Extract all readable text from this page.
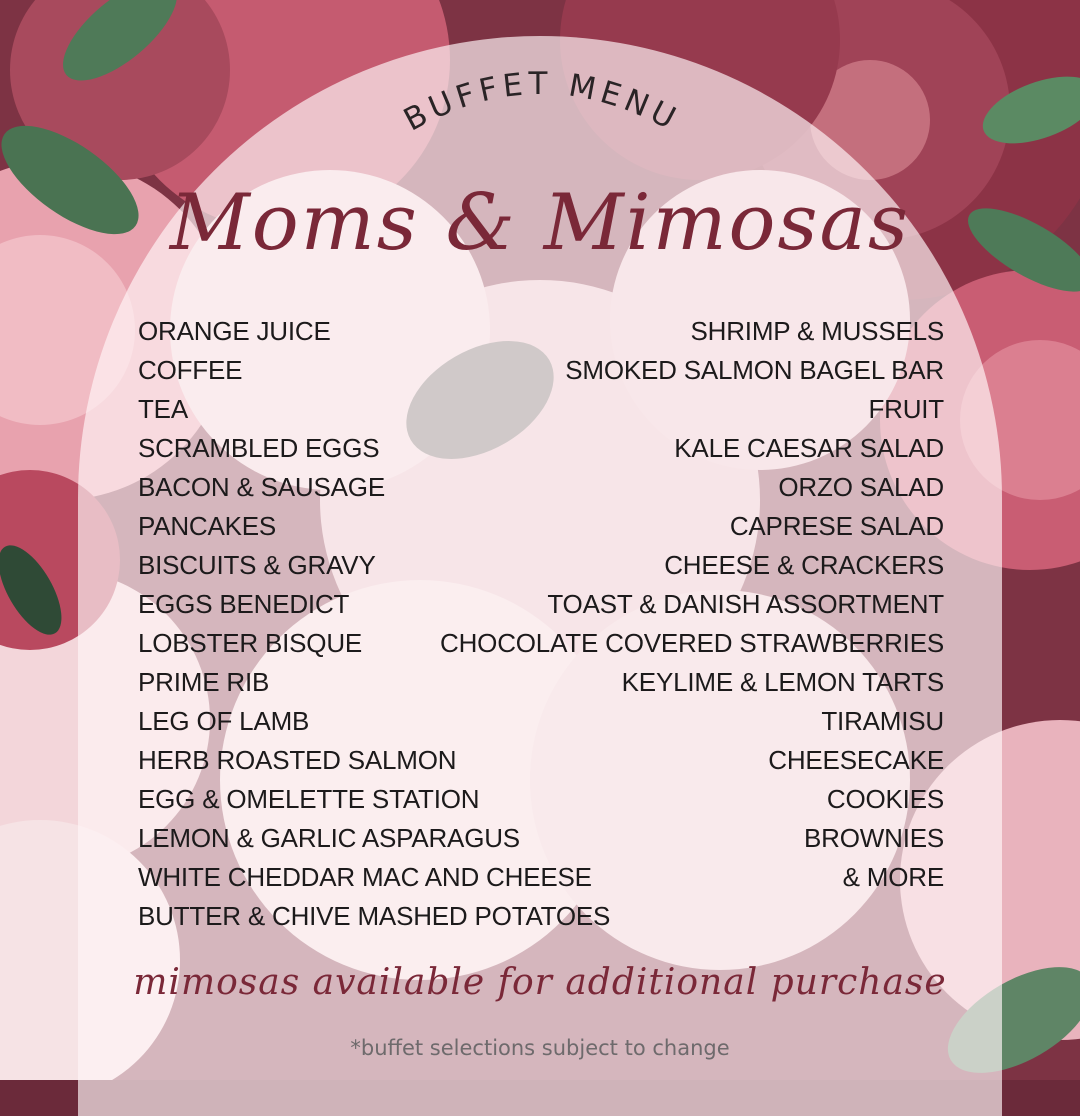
BUFFET MENU
Moms & Mimosas
ORANGE JUICE
COFFEE
TEA
SCRAMBLED EGGS
BACON & SAUSAGE
PANCAKES
BISCUITS & GRAVY
EGGS BENEDICT
LOBSTER BISQUE
PRIME RIB
LEG OF LAMB
HERB ROASTED SALMON
EGG & OMELETTE STATION
LEMON & GARLIC ASPARAGUS
WHITE CHEDDAR MAC AND CHEESE
BUTTER & CHIVE MASHED POTATOES
SHRIMP & MUSSELS
SMOKED SALMON BAGEL BAR
FRUIT
KALE CAESAR SALAD
ORZO SALAD
CAPRESE SALAD
CHEESE & CRACKERS
TOAST & DANISH ASSORTMENT
CHOCOLATE COVERED STRAWBERRIES
KEYLIME & LEMON TARTS
TIRAMISU
CHEESECAKE
COOKIES
BROWNIES
& MORE
mimosas available for additional purchase
*buffet selections subject to change
